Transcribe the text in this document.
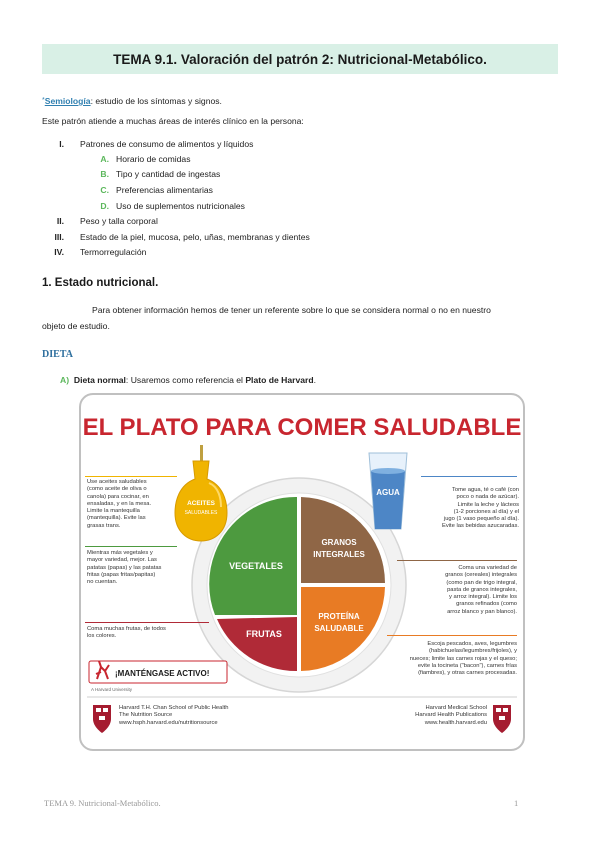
TEMA 9.1. Valoración del patrón 2: Nutricional-Metabólico.
*Semiología: estudio de los síntomas y signos.
Este patrón atiende a muchas áreas de interés clínico en la persona:
I. Patrones de consumo de alimentos y líquidos
A. Horario de comidas
B. Tipo y cantidad de ingestas
C. Preferencias alimentarias
D. Uso de suplementos nutricionales
II. Peso y talla corporal
III. Estado de la piel, mucosa, pelo, uñas, membranas y dientes
IV. Termorregulación
1. Estado nutricional.
Para obtener información hemos de tener un referente sobre lo que se considera normal o no en nuestro
objeto de estudio.
DIETA
A) Dieta normal: Usaremos como referencia el Plato de Harvard.
EL PLATO PARA COMER SALUDABLE
VEGETALES
FRUTAS
GRANOS
INTEGRALES
PROTEÍNA
SALUDABLE
ACEITES
SALUDABLES
AGUA
¡MANTÉNGASE ACTIVO!
A Harvard University
Use aceites saludables
(como aceite de oliva o
canola) para cocinar, en
ensaladas, y en la mesa.
Limite la mantequilla
(mantequilla). Evite las
grasas trans.
Mientras más vegetales y
mayor variedad, mejor. Las
patatas (papas) y las patatas
fritas (papas fritas/papitas)
no cuentan.
Coma muchas frutas, de todos
los colores.
Tome agua, té o café (con
poco o nada de azúcar).
Limite la leche y lácteos
(1-2 porciones al día) y el
jugo (1 vaso pequeño al día).
Evite las bebidas azucaradas.
Coma una variedad de
granos (cereales) integrales
(como pan de trigo integral,
pasta de granos integrales,
y arroz integral). Limite los
granos refinados (como
arroz blanco y pan blanco).
Escoja pescados, aves, legumbres
(habichuelas/legumbres/frijoles), y
nueces; limite las carnes rojas y el queso;
evite la tocineta ("bacon"), carnes frías
(fiambres), y otras carnes procesadas.
Harvard T.H. Chan School of Public Health
The Nutrition Source
www.hsph.harvard.edu/nutritionsource
Harvard Medical School
Harvard Health Publications
www.health.harvard.edu
TEMA 9. Nutricional-Metabólico.	1
